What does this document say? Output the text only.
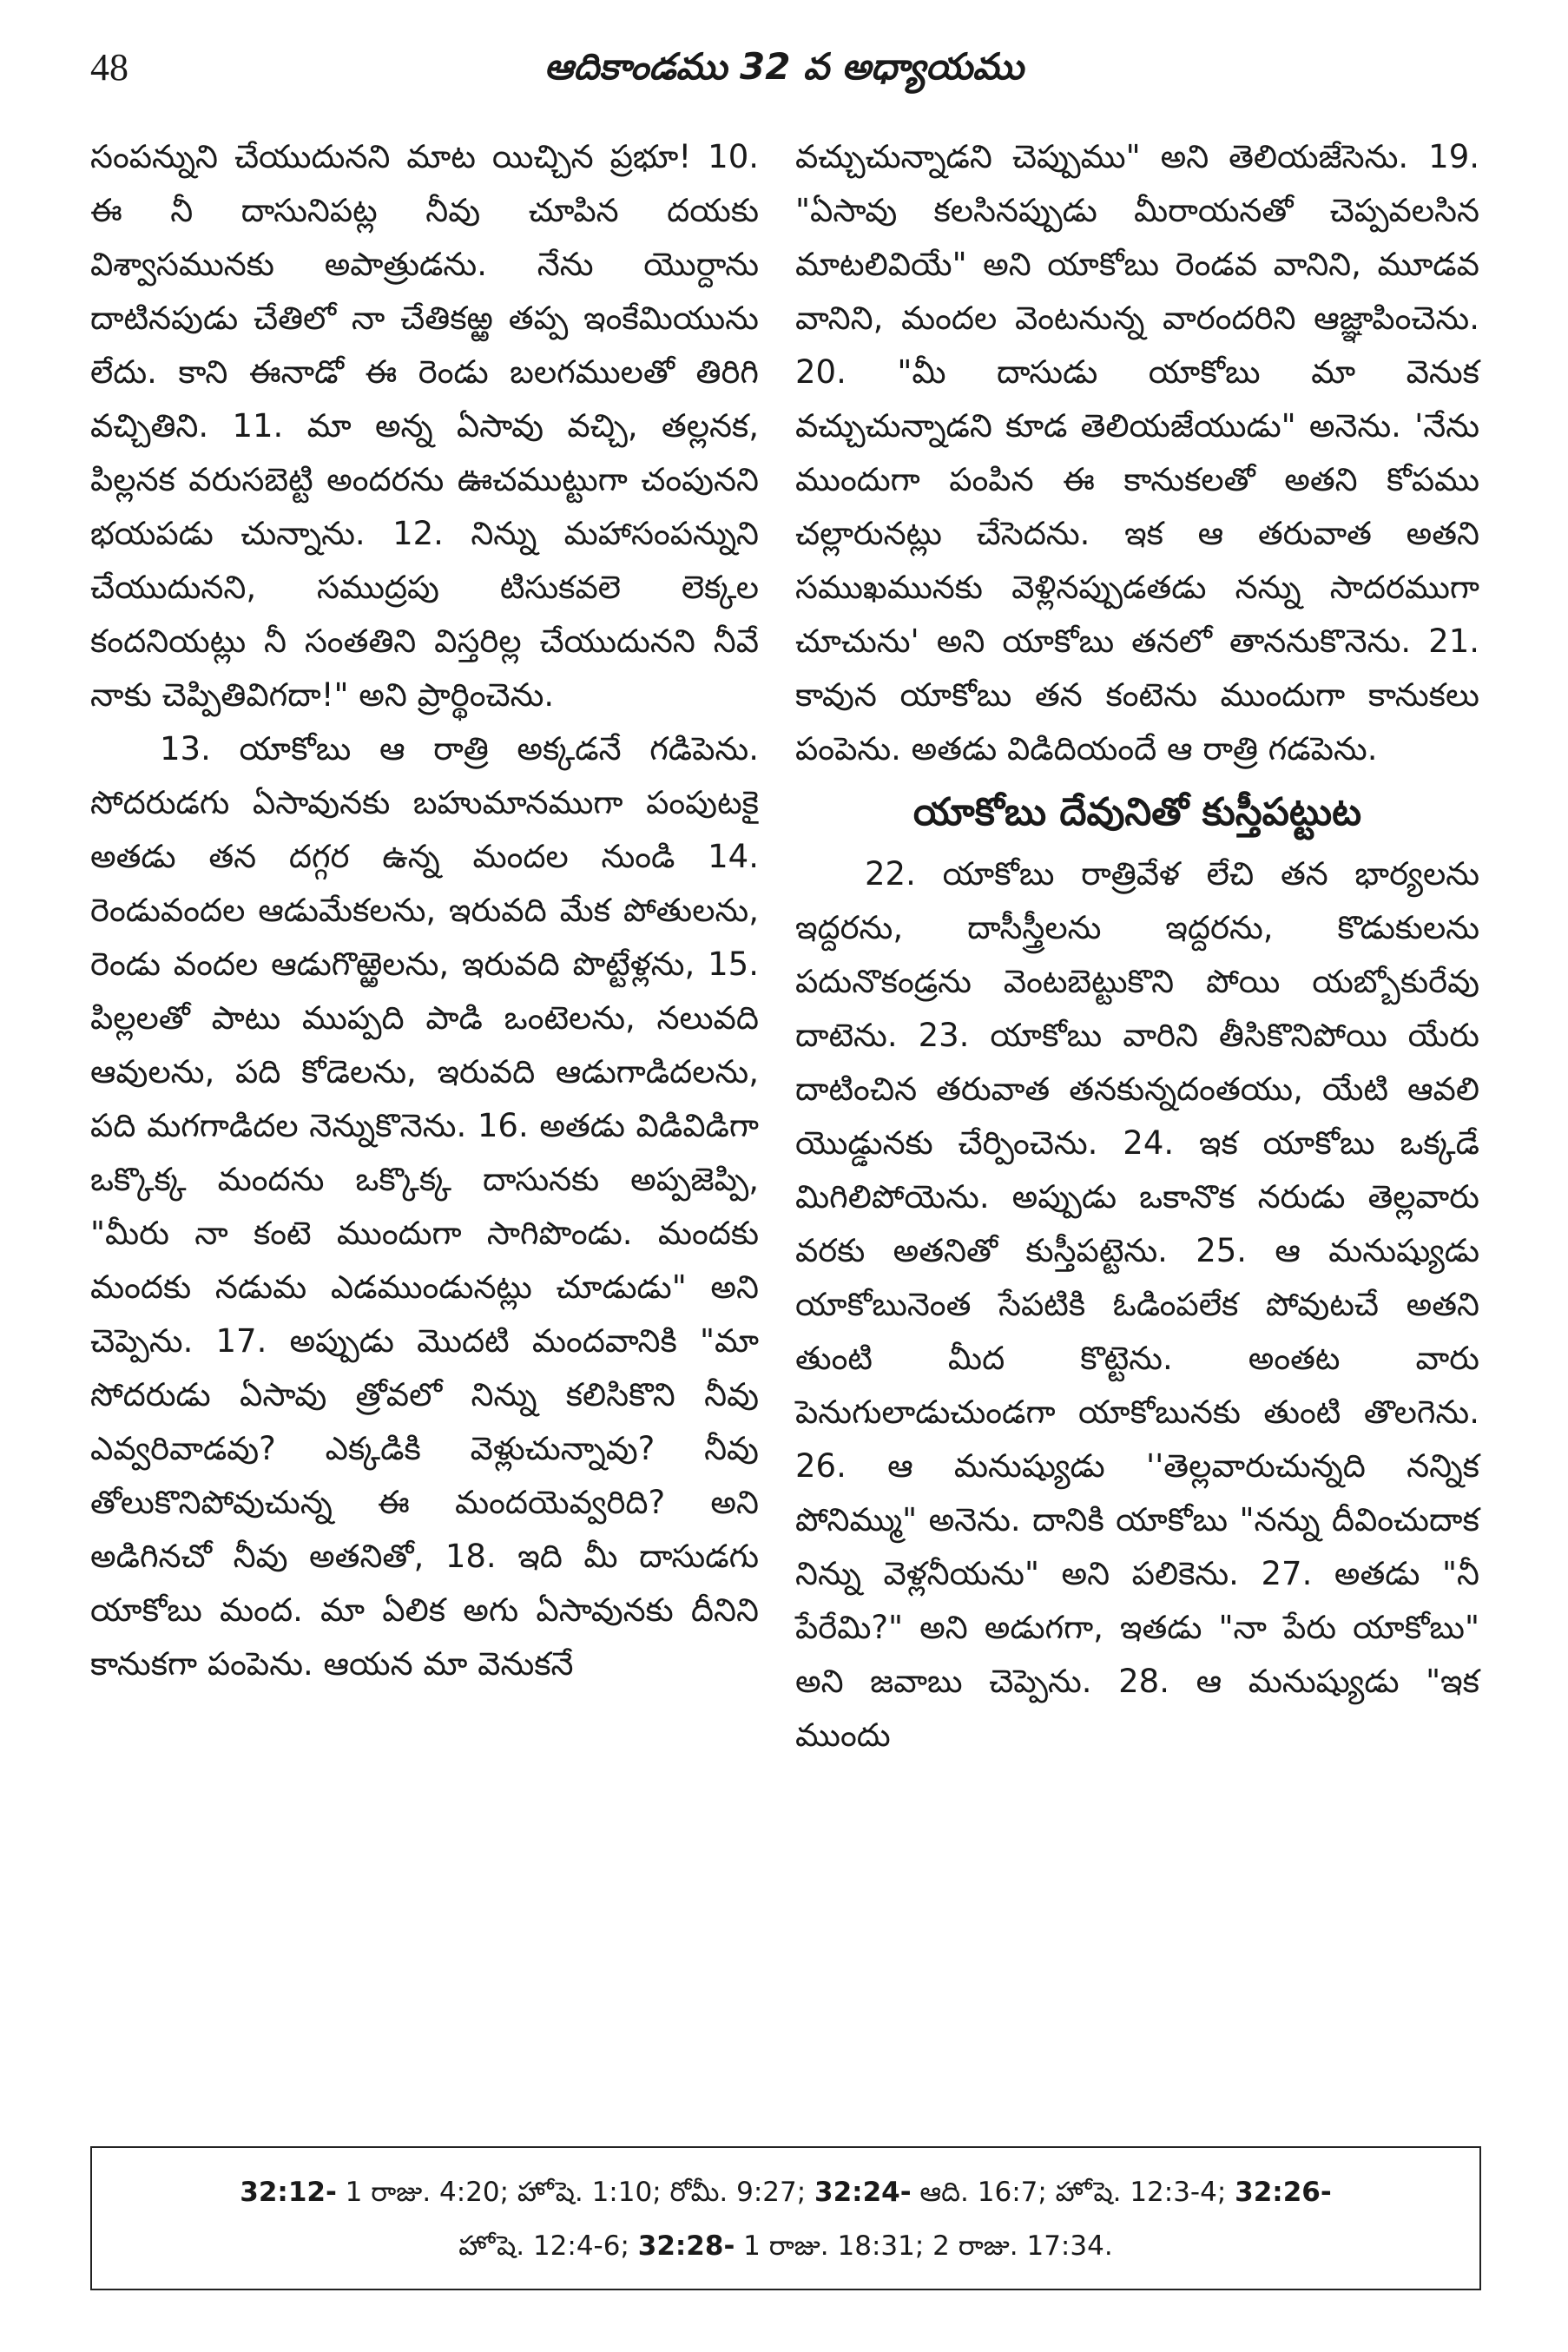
48	ఆదికాండము 32 వ అధ్యాయము

సంపన్నుని చేయుదునని మాట యిచ్చిన ప్రభూ! 10. ఈ నీ దాసునిపట్ల నీవు చూపిన దయకు విశ్వాసమునకు అపాత్రుడను. నేను యొర్దాను దాటినపుడు చేతిలో నా చేతికఱ్ఱ తప్ప ఇంకేమియును లేదు. కాని ఈనాడో ఈ రెండు బలగములతో తిరిగి వచ్చితిని. 11. మా అన్న ఏసావు వచ్చి, తల్లనక, పిల్లనక వరుసబెట్టి అందరను ఊచముట్టుగా చంపునని భయపడు చున్నాను. 12. నిన్ను మహాసంపన్నుని చేయుదునని, సముద్రపు టిసుకవలె లెక్కల కందనియట్లు నీ సంతతిని విస్తరిల్ల చేయుదునని నీవే నాకు చెప్పితివిగదా!" అని ప్రార్థించెను.

13. యాకోబు ఆ రాత్రి అక్కడనే గడిపెను. సోదరుడగు ఏసావునకు బహుమానముగా పంపుటకై అతడు తన దగ్గర ఉన్న మందల నుండి 14. రెండువందల ఆడుమేకలను, ఇరువది మేక పోతులను, రెండు వందల ఆడుగొఱ్ఱెలను, ఇరువది పొట్టేళ్లను, 15. పిల్లలతో పాటు ముప్పది పాడి ఒంటెలను, నలువది ఆవులను, పది కోడెలను, ఇరువది ఆడుగాడిదలను, పది మగగాడిదల నెన్నుకొనెను. 16. అతడు విడివిడిగా ఒక్కొక్క మందను ఒక్కొక్క దాసునకు అప్పజెప్పి, "మీరు నా కంటె ముందుగా సాగిపొండు. మందకు మందకు నడుమ ఎడముండునట్లు చూడుడు" అని చెప్పెను. 17. అప్పుడు మొదటి మందవానికి "మా సోదరుడు ఏసావు త్రోవలో నిన్ను కలిసికొని నీవు ఎవ్వరివాడవు? ఎక్కడికి వెళ్లుచున్నావు? నీవు తోలుకొనిపోవుచున్న ఈ మందయెవ్వరిది? అని అడిగినచో నీవు అతనితో, 18. ఇది మీ దాసుడగు యాకోబు మంద. మా ఏలిక అగు ఏసావునకు దీనిని కానుకగా పంపెను. ఆయన మా వెనుకనే

వచ్చుచున్నాడని చెప్పుము" అని తెలియజేసెను. 19. "ఏసావు కలసినప్పుడు మీరాయనతో చెప్పవలసిన మాటలివియే" అని యాకోబు రెండవ వానిని, మూడవ వానిని, మందల వెంటనున్న వారందరిని ఆజ్ఞాపించెను. 20. "మీ దాసుడు యాకోబు మా వెనుక వచ్చుచున్నాడని కూడ తెలియజేయుడు" అనెను. 'నేను ముందుగా పంపిన ఈ కానుకలతో అతని కోపము చల్లారునట్లు చేసెదను. ఇక ఆ తరువాత అతని సముఖమునకు వెళ్లినప్పుడతడు నన్ను సాదరముగా చూచును' అని యాకోబు తనలో తాననుకొనెను. 21. కావున యాకోబు తన కంటెను ముందుగా కానుకలు పంపెను. అతడు విడిదియందే ఆ రాత్రి గడపెను.

యాకోబు దేవునితో కుస్తీపట్టుట

22. యాకోబు రాత్రివేళ లేచి తన భార్యలను ఇద్దరను, దాసీస్త్రీలను ఇద్దరను, కొడుకులను పదునొకండ్రను వెంటబెట్టుకొని పోయి యబ్బోకురేవు దాటెను. 23. యాకోబు వారిని తీసికొనిపోయి యేరు దాటించిన తరువాత తనకున్నదంతయు, యేటి ఆవలి యొడ్డునకు చేర్పించెను. 24. ఇక యాకోబు ఒక్కడే మిగిలిపోయెను. అప్పుడు ఒకానొక నరుడు తెల్లవారు వరకు అతనితో కుస్తీపట్టెను. 25. ఆ మనుష్యుడు యాకోబునెంత సేపటికి ఓడింపలేక పోవుటచే అతని తుంటి మీద కొట్టెను. అంతట వారు పెనుగులాడుచుండగా యాకోబునకు తుంటి తొలగెను. 26. ఆ మనుష్యుడు ''తెల్లవారుచున్నది నన్నిక పోనిమ్ము" అనెను. దానికి యాకోబు "నన్ను దీవించుదాక నిన్ను వెళ్లనీయను" అని పలికెను. 27. అతడు "నీ పేరేమి?" అని అడుగగా, ఇతడు "నా పేరు యాకోబు" అని జవాబు చెప్పెను. 28. ఆ మనుష్యుడు "ఇక ముందు

32:12- 1 రాజు. 4:20; హోషె. 1:10; రోమీ. 9:27; 32:24- ఆది. 16:7; హోషె. 12:3-4; 32:26-
హోషె. 12:4-6; 32:28- 1 రాజు. 18:31; 2 రాజు. 17:34.
